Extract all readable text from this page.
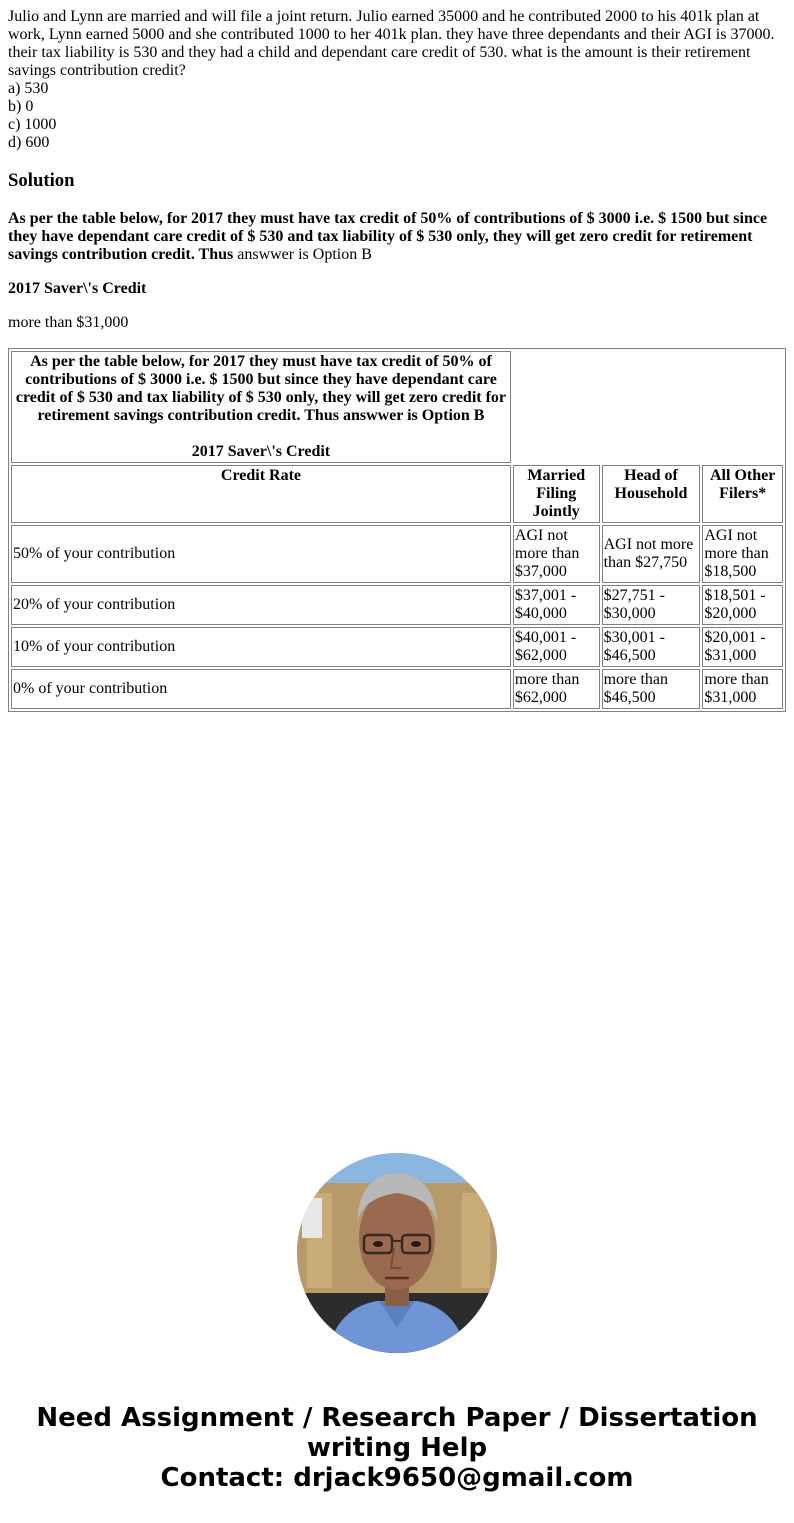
Julio and Lynn are married and will file a joint return. Julio earned 35000 and he contributed 2000 to his 401k plan at work, Lynn earned 5000 and she contributed 1000 to her 401k plan. they have three dependants and their AGI is 37000. their tax liability is 530 and they had a child and dependant care credit of 530. what is the amount is their retirement savings contribution credit?

a) 530
b) 0
c) 1000
d) 600
Solution

As per the table below, for 2017 they must have tax credit of 50% of contributions of $ 3000 i.e. $ 1500 but since they have dependant care credit of $ 530 and tax liability of $ 530 only, they will get zero credit for retirement savings contribution credit. Thus answwer is Option B

2017 Saver\'s Credit

more than $31,000

As per the table below, for 2017 they must have tax credit of 50% of contributions of $ 3000 i.e. $ 1500 but since they have dependant care credit of $ 530 and tax liability of $ 530 only, they will get zero credit for retirement savings contribution credit. Thus answwer is Option B
2017 Saver\'s Credit			

Credit Rate	Married Filing Jointly	Head of Household	All Other Filers*
50% of your contribution	AGI not more than $37,000	AGI not more than $27,750	AGI not more than $18,500
20% of your contribution	$37,001 - $40,000	$27,751 - $30,000	$18,501 - $20,000
10% of your contribution	$40,001 - $62,000	$30,001 - $46,500	$20,001 - $31,000
0% of your contribution	more than $62,000	more than $46,500	more than $31,000
Need Assignment / Research Paper / Dissertation
writing Help
Contact: drjack9650@gmail.com
